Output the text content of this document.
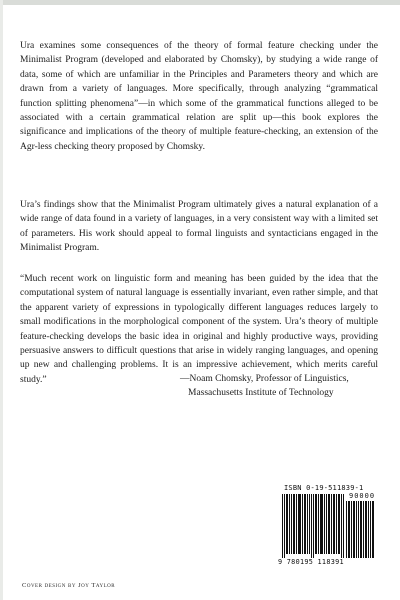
Ura examines some consequences of the theory of formal feature checking under the Minimalist Program (developed and elaborated by Chomsky), by studying a wide range of data, some of which are unfamiliar in the Principles and Parameters theory and which are drawn from a variety of languages. More specifically, through analyzing “grammatical function splitting phenomena”—in which some of the grammatical functions alleged to be associated with a certain grammatical relation are split up—this book explores the significance and implications of the theory of multiple feature-checking, an extension of the Agr-less checking theory proposed by Chomsky.

Ura’s findings show that the Minimalist Program ultimately gives a natural explanation of a wide range of data found in a variety of languages, in a very consistent way with a limited set of parameters. His work should appeal to formal linguists and syntacticians engaged in the Minimalist Program.

“Much recent work on linguistic form and meaning has been guided by the idea that the computational system of natural language is essentially invariant, even rather simple, and that the apparent variety of expressions in typologically different languages reduces largely to small modifications in the morphological component of the system. Ura’s theory of multiple feature-checking develops the basic idea in original and highly productive ways, providing persuasive answers to difficult questions that arise in widely ranging languages, and opening up new and challenging problems. It is an impressive achievement, which merits careful study.”	—Noam Chomsky, Professor of Linguistics,
Massachusetts Institute of Technology
ISBN 0-19-511839-1
90000
9 780195 118391
Cover design by Joy Taylor
